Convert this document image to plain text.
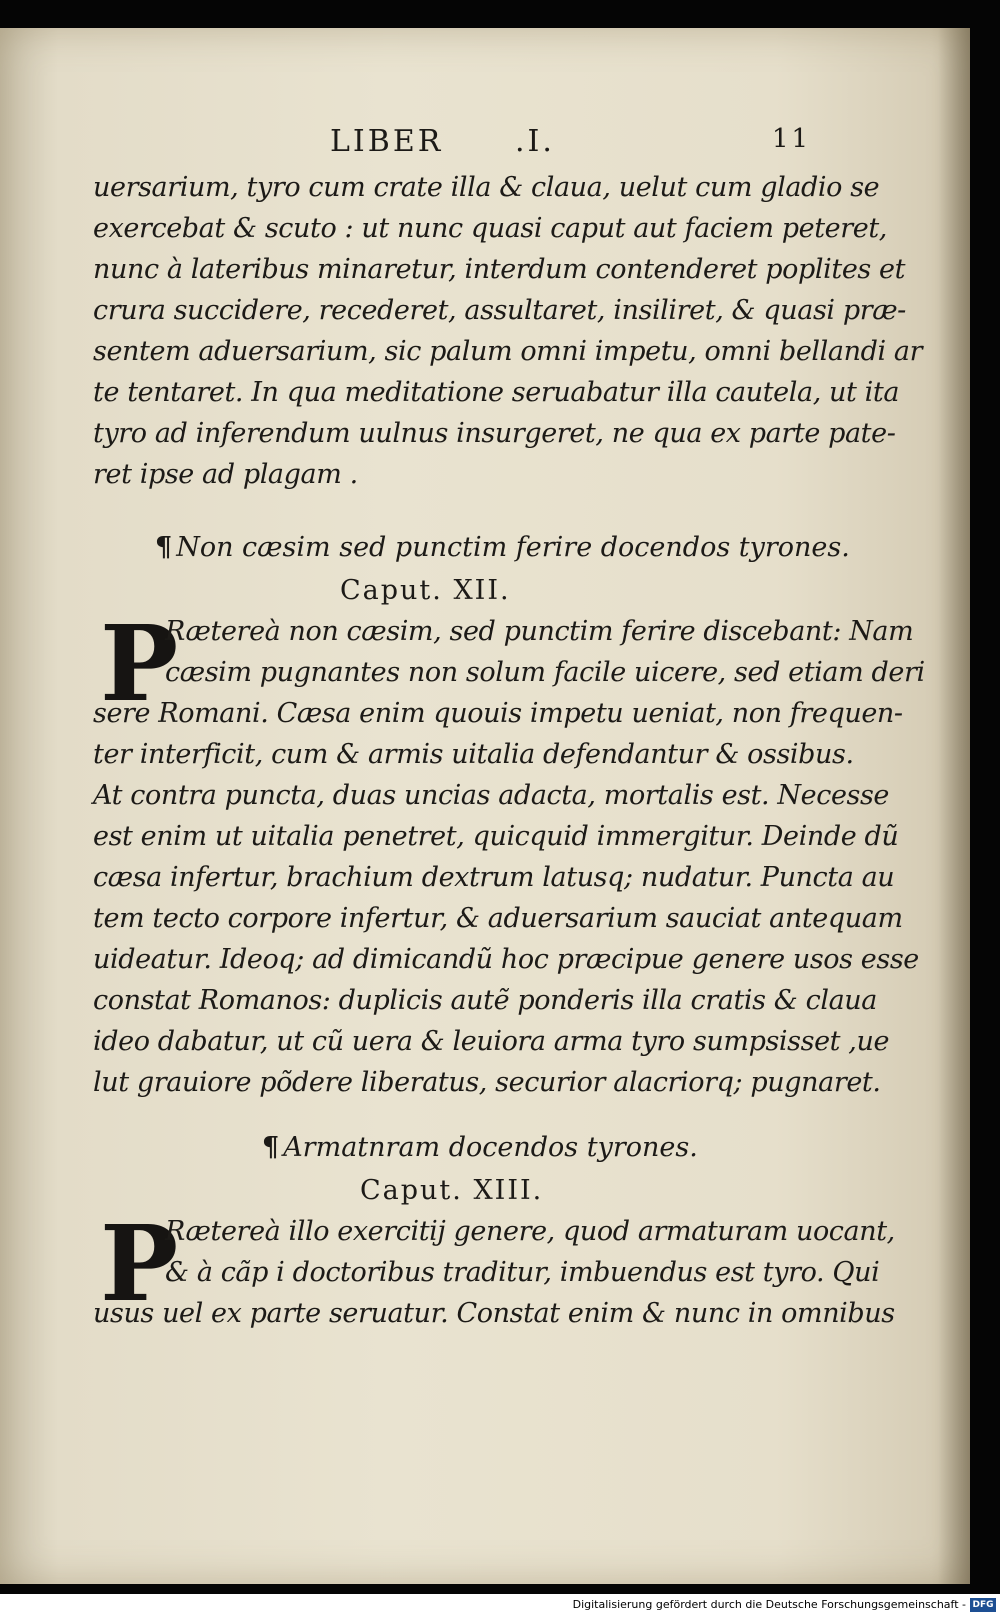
LIBER .I.	11
uersarium, tyro cum crate illa & claua, uelut cum gladio se
exercebat & scuto : ut nunc quasi caput aut faciem peteret,
nunc à lateribus minaretur, interdum contenderet poplites et
crura succidere, recederet, assultaret, insiliret, & quasi præ-
sentem aduersarium, sic palum omni impetu, omni bellandi ar
te tentaret. In qua meditatione seruabatur illa cautela, ut ita
tyro ad inferendum uulnus insurgeret, ne qua ex parte pate-
ret ipse ad plagam .
¶ Non cæsim sed punctim ferire docendos tyrones.
Caput. XII.
P
Rætereà non cæsim, sed punctim ferire discebant: Nam
cæsim pugnantes non solum facile uicere, sed etiam deri
sere Romani. Cæsa enim quouis impetu ueniat, non frequen-
ter interficit, cum & armis uitalia defendantur & ossibus.
At contra puncta, duas uncias adacta, mortalis est. Necesse
est enim ut uitalia penetret, quicquid immergitur. Deinde dũ
cæsa infertur, brachium dextrum latusq; nudatur. Puncta au
tem tecto corpore infertur, & aduersarium sauciat antequam
uideatur. Ideoq; ad dimicandũ hoc præcipue genere usos esse
constat Romanos: duplicis autẽ ponderis illa cratis & claua
ideo dabatur, ut cũ uera & leuiora arma tyro sumpsisset ,ue
lut grauiore põdere liberatus, securior alacriorq; pugnaret.
¶ Armatnram docendos tyrones.
Caput. XIII.
P
Rætereà illo exercitij genere, quod armaturam uocant,
& à cãp i doctoribus traditur, imbuendus est tyro. Qui
usus uel ex parte seruatur. Constat enim & nunc in omnibus
Digitalisierung gefördert durch die Deutsche Forschungsgemeinschaft - DFG
